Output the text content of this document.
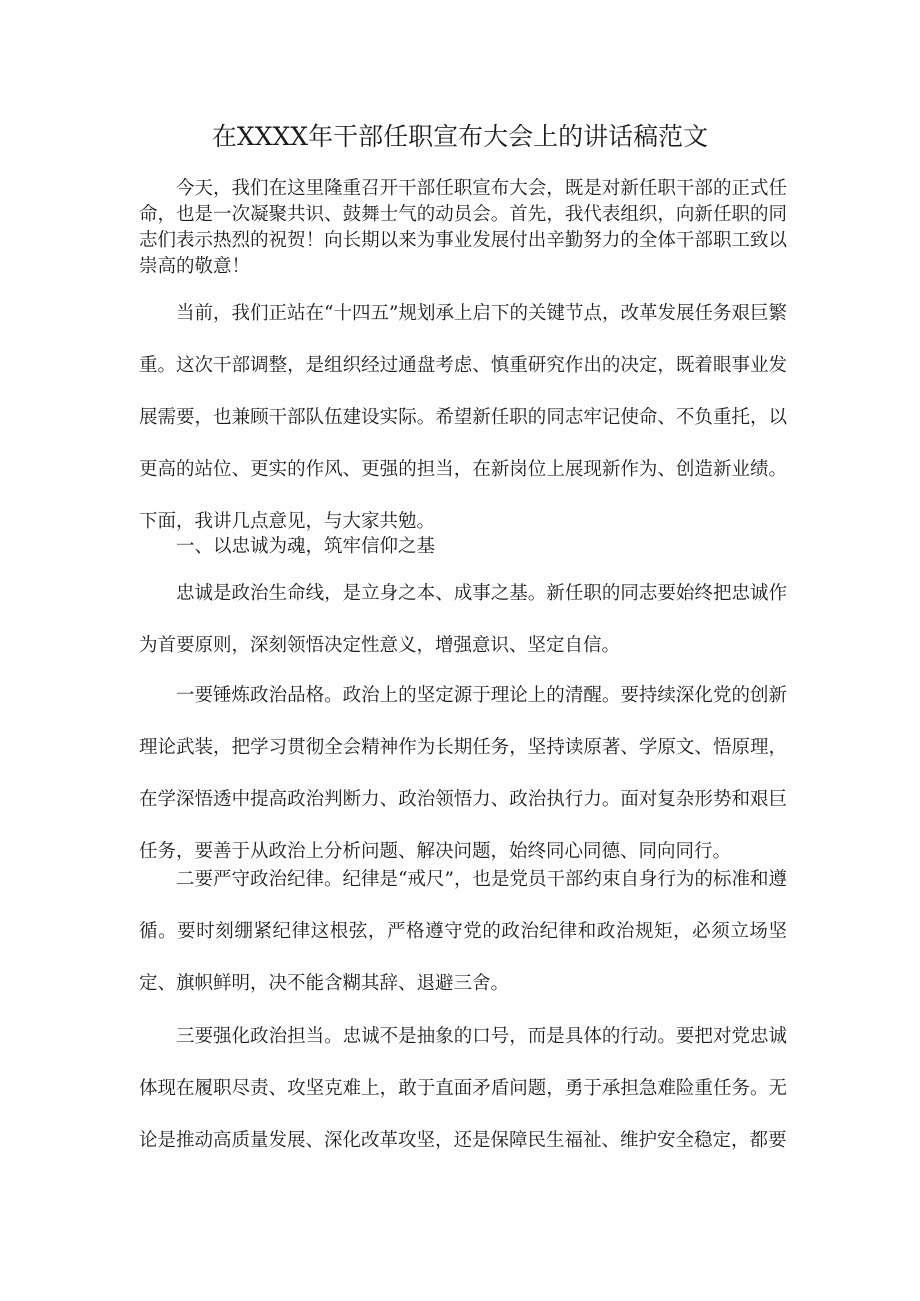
在XXXX年干部任职宣布大会上的讲话稿范文

今天，我们在这里隆重召开干部任职宣布大会，既是对新任职干部的正式任命，也是一次凝聚共识、鼓舞士气的动员会。首先，我代表组织，向新任职的同志们表示热烈的祝贺！向长期以来为事业发展付出辛勤努力的全体干部职工致以崇高的敬意！

当前，我们正站在“十四五”规划承上启下的关键节点，改革发展任务艰巨繁重。这次干部调整，是组织经过通盘考虑、慎重研究作出的决定，既着眼事业发展需要，也兼顾干部队伍建设实际。希望新任职的同志牢记使命、不负重托，以更高的站位、更实的作风、更强的担当，在新岗位上展现新作为、创造新业绩。下面，我讲几点意见，与大家共勉。

一、以忠诚为魂，筑牢信仰之基

忠诚是政治生命线，是立身之本、成事之基。新任职的同志要始终把忠诚作为首要原则，深刻领悟决定性意义，增强意识、坚定自信。

一要锤炼政治品格。政治上的坚定源于理论上的清醒。要持续深化党的创新理论武装，把学习贯彻全会精神作为长期任务，坚持读原著、学原文、悟原理，在学深悟透中提高政治判断力、政治领悟力、政治执行力。面对复杂形势和艰巨任务，要善于从政治上分析问题、解决问题，始终同心同德、同向同行。

二要严守政治纪律。纪律是“戒尺”，也是党员干部约束自身行为的标准和遵循。要时刻绷紧纪律这根弦，严格遵守党的政治纪律和政治规矩，必须立场坚定、旗帜鲜明，决不能含糊其辞、退避三舍。

三要强化政治担当。忠诚不是抽象的口号，而是具体的行动。要把对党忠诚体现在履职尽责、攻坚克难上，敢于直面矛盾问题，勇于承担急难险重任务。无论是推动高质量发展、深化改革攻坚，还是保障民生福祉、维护安全稳定，都要
